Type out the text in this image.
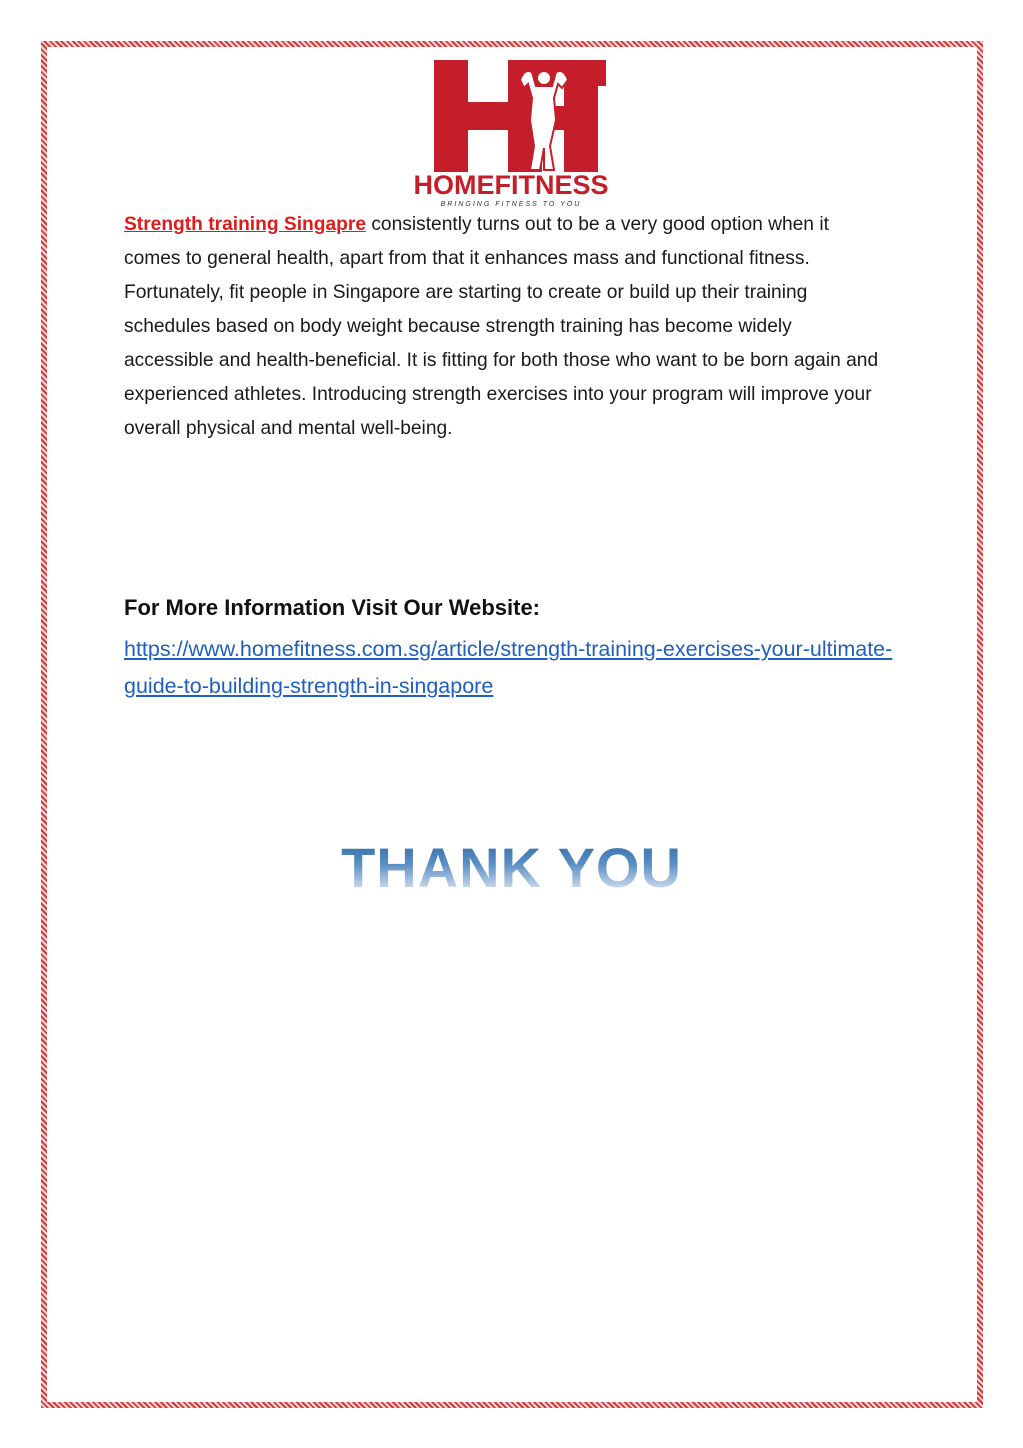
HOMEFITNESS
BRINGING FITNESS TO YOU

Strength training Singapre consistently turns out to be a very good option when it comes to general health, apart from that it enhances mass and functional fitness. Fortunately, fit people in Singapore are starting to create or build up their training schedules based on body weight because strength training has become widely accessible and health-beneficial. It is fitting for both those who want to be born again and experienced athletes. Introducing strength exercises into your program will improve your overall physical and mental well-being.

For More Information Visit Our Website:
https://www.homefitness.com.sg/article/strength-training-exercises-your-ultimate-guide-to-building-strength-in-singapore
THANK YOU
